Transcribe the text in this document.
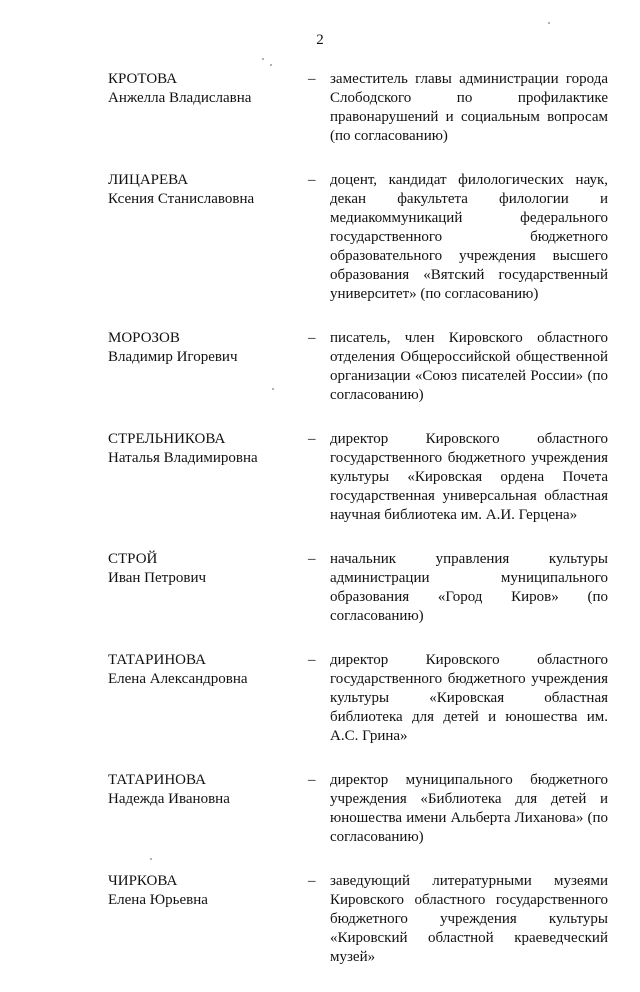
2
КРОТОВА
Анжелла Владиславна
– заместитель главы администрации города Слободского по профилактике правонарушений и социальным вопросам (по согласованию)
ЛИЦАРЕВА
Ксения Станиславовна
– доцент, кандидат филологических наук, декан факультета филологии и медиакоммуникаций федерального государственного бюджетного образовательного учреждения высшего образования «Вятский государственный университет» (по согласованию)
МОРОЗОВ
Владимир Игоревич
– писатель, член Кировского областного отделения Общероссийской общественной организации «Союз писателей России» (по согласованию)
СТРЕЛЬНИКОВА
Наталья Владимировна
– директор Кировского областного государственного бюджетного учреждения культуры «Кировская ордена Почета государственная универсальная областная научная библиотека им. А.И. Герцена»
СТРОЙ
Иван Петрович
– начальник управления культуры администрации муниципального образования «Город Киров» (по согласованию)
ТАТАРИНОВА
Елена Александровна
– директор Кировского областного государственного бюджетного учреждения культуры «Кировская областная библиотека для детей и юношества им. А.С. Грина»
ТАТАРИНОВА
Надежда Ивановна
– директор муниципального бюджетного учреждения «Библиотека для детей и юношества имени Альберта Лиханова» (по согласованию)
ЧИРКОВА
Елена Юрьевна
– заведующий литературными музеями Кировского областного государственного бюджетного учреждения культуры «Кировский областной краеведческий музей»
